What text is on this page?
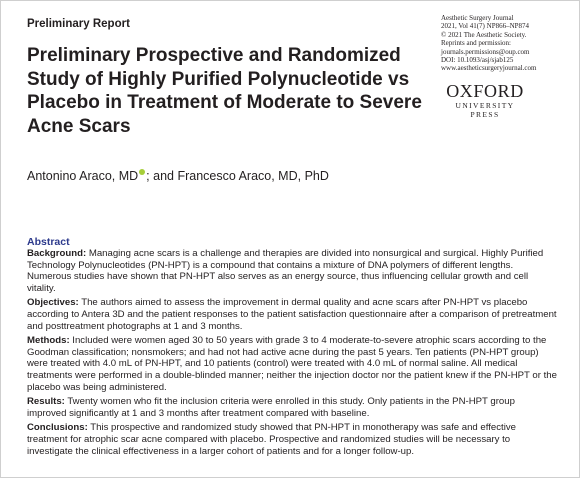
Preliminary Report	Aesthetic Surgery Journal
2021, Vol 41(7) NP866–NP874
© 2021 The Aesthetic Society.
Reprints and permission:
journals.permissions@oup.com
DOI: 10.1093/asj/sjab125
www.aestheticsurgeryjournal.com
OXFORD
UNIVERSITY PRESS
Preliminary Prospective and Randomized Study of Highly Purified Polynucleotide vs Placebo in Treatment of Moderate to Severe Acne Scars
Antonino Araco, MD ; and Francesco Araco, MD, PhD
Abstract

Background: Managing acne scars is a challenge and therapies are divided into nonsurgical and surgical. Highly Purified Technology Polynucleotides (PN-HPT) is a compound that contains a mixture of DNA polymers of different lengths. Numerous studies have shown that PN-HPT also serves as an energy source, thus influencing cellular growth and cell vitality.

Objectives: The authors aimed to assess the improvement in dermal quality and acne scars after PN-HPT vs placebo according to Antera 3D and the patient responses to the patient satisfaction questionnaire after a comparison of pretreatment and posttreatment photographs at 1 and 3 months.

Methods: Included were women aged 30 to 50 years with grade 3 to 4 moderate-to-severe atrophic scars according to the Goodman classification; nonsmokers; and had not had active acne during the past 5 years. Ten patients (PN-HPT group) were treated with 4.0 mL of PN-HPT, and 10 patients (control) were treated with 4.0 mL of normal saline. All medical treatments were performed in a double-blinded manner; neither the injection doctor nor the patient knew if the PN-HPT or the placebo was being administered.

Results: Twenty women who fit the inclusion criteria were enrolled in this study. Only patients in the PN-HPT group improved significantly at 1 and 3 months after treatment compared with baseline.

Conclusions: This prospective and randomized study showed that PN-HPT in monotherapy was safe and effective treatment for atrophic scar acne compared with placebo. Prospective and randomized studies will be necessary to investigate the clinical effectiveness in a larger cohort of patients and for a longer follow-up.
